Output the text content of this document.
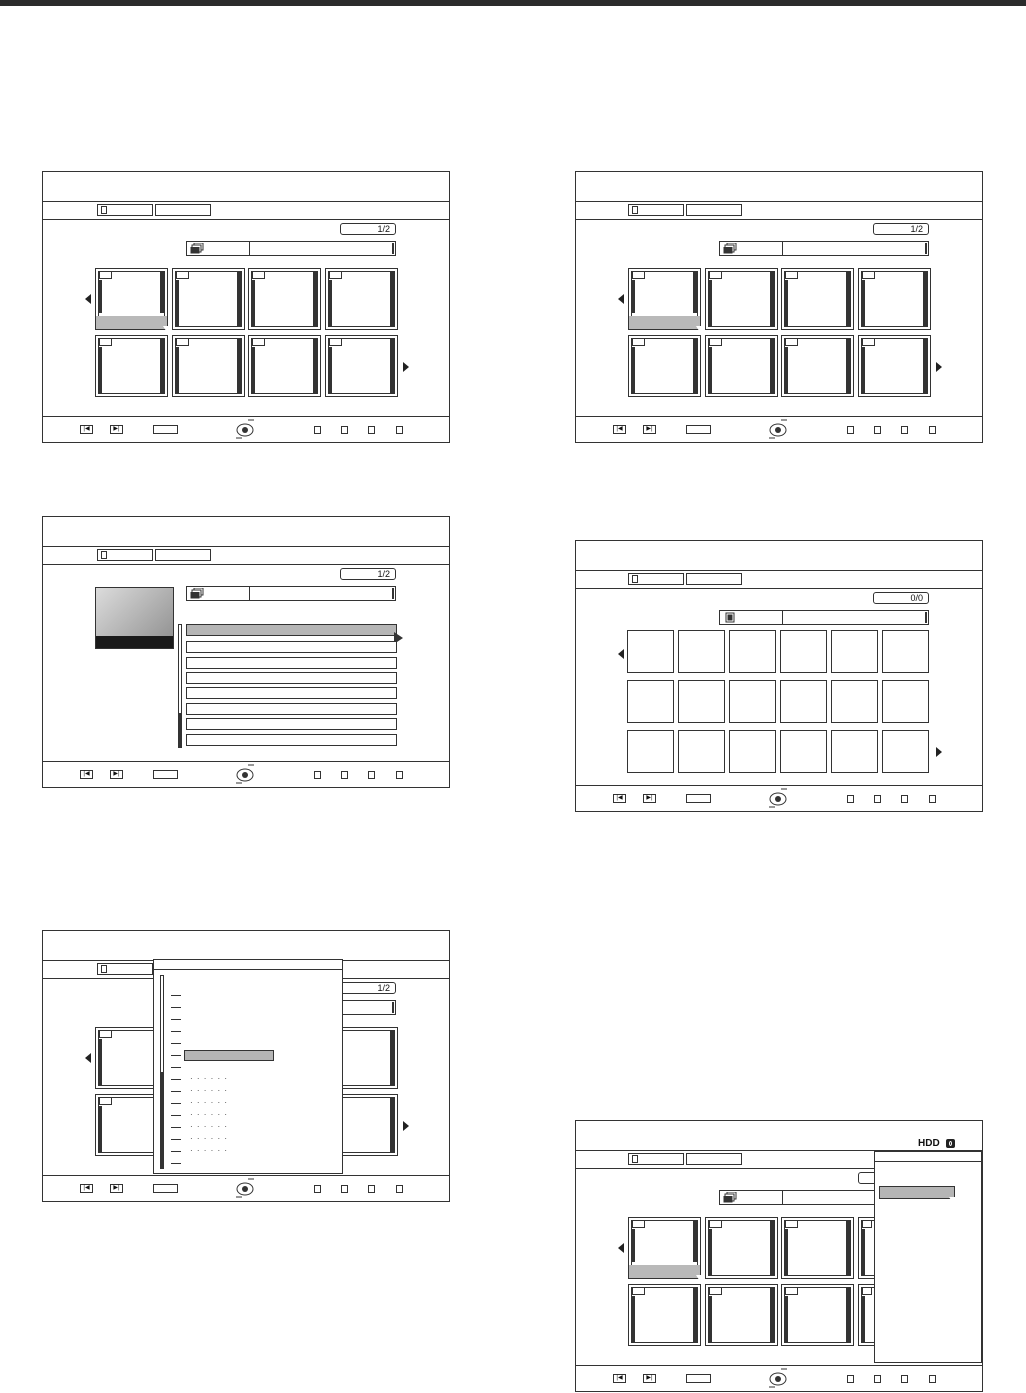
1/2
|◀	▶|
1/2
|◀	▶|
1/2
|◀	▶|
0/0
|◀	▶|
1/2
· · · · · ·
· · · · · ·
· · · · · ·
· · · · · ·
· · · · · ·
· · · · · ·
· · · · · ·
|◀	▶|
HDD
|◀	▶|
